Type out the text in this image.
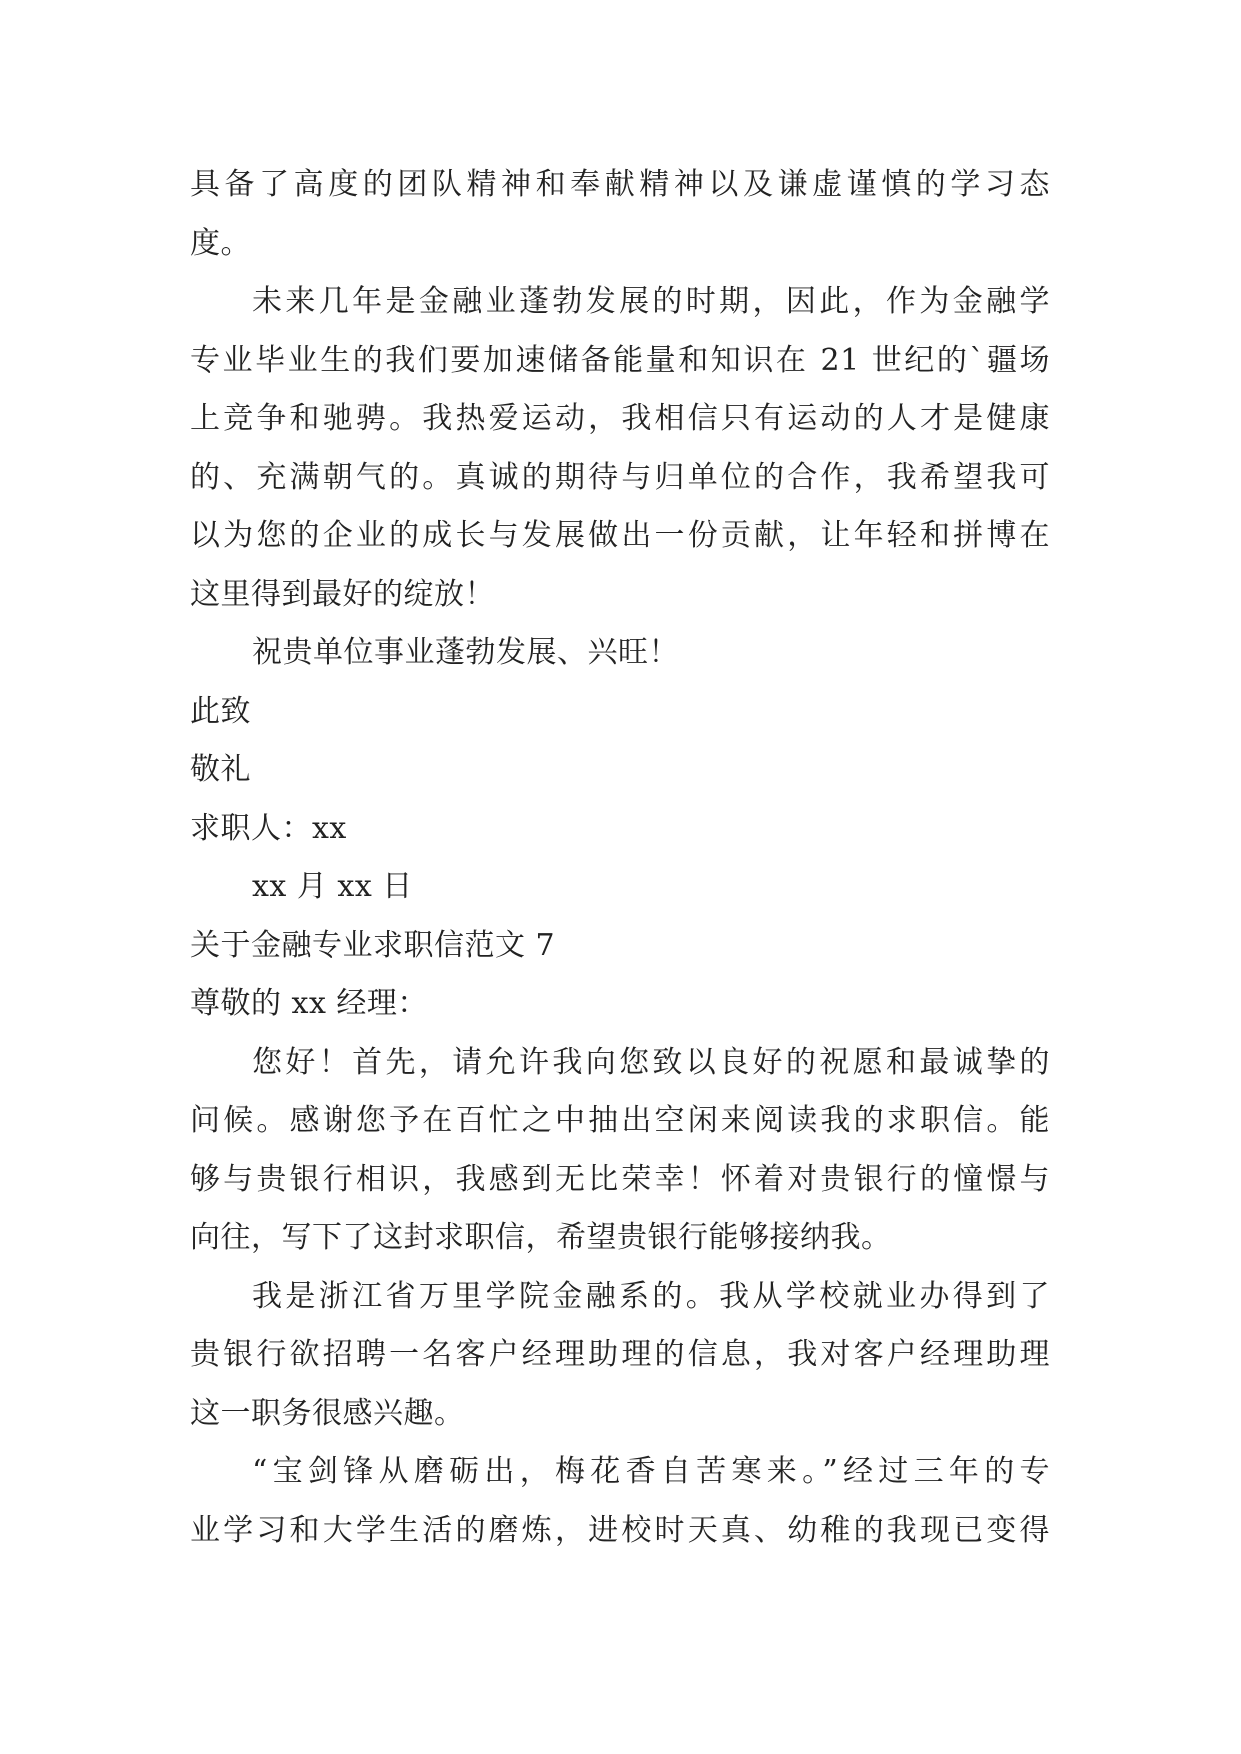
具备了高度的团队精神和奉献精神以及谦虚谨慎的学习态
度。
未来几年是金融业蓬勃发展的时期，因此，作为金融学
专业毕业生的我们要加速储备能量和知识在 21 世纪的`疆场
上竞争和驰骋。我热爱运动，我相信只有运动的人才是健康
的、充满朝气的。真诚的期待与归单位的合作，我希望我可
以为您的企业的成长与发展做出一份贡献，让年轻和拼博在
这里得到最好的绽放！
祝贵单位事业蓬勃发展、兴旺！
此致
敬礼
求职人：xx
xx 月 xx 日
关于金融专业求职信范文 7
尊敬的 xx 经理：
您好！首先，请允许我向您致以良好的祝愿和最诚挚的
问候。感谢您予在百忙之中抽出空闲来阅读我的求职信。能
够与贵银行相识，我感到无比荣幸！怀着对贵银行的憧憬与
向往，写下了这封求职信，希望贵银行能够接纳我。
我是浙江省万里学院金融系的。我从学校就业办得到了
贵银行欲招聘一名客户经理助理的信息，我对客户经理助理
这一职务很感兴趣。
“宝剑锋从磨砺出，梅花香自苦寒来。”经过三年的专
业学习和大学生活的磨炼，进校时天真、幼稚的我现已变得
